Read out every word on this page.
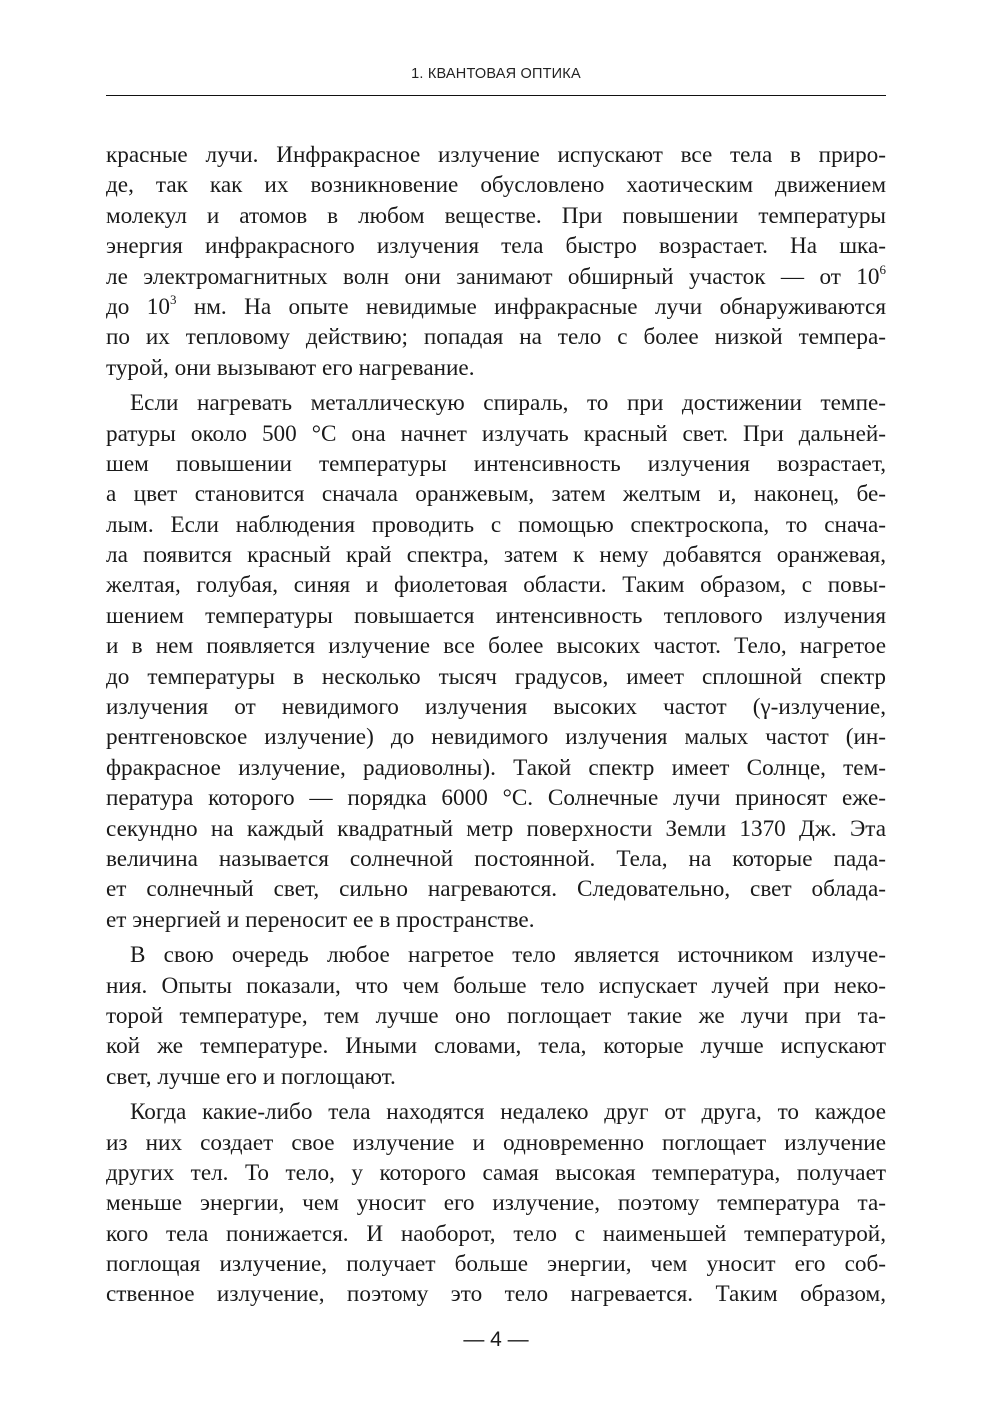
1. КВАНТОВАЯ ОПТИКА
красные лучи. Инфракрасное излучение испускают все тела в приро-
де, так как их возникновение обусловлено хаотическим движением
молекул и атомов в любом веществе. При повышении температуры
энергия инфракрасного излучения тела быстро возрастает. На шка-
ле электромагнитных волн они занимают обширный участок — от $10^6$
до $10^3$ нм. На опыте невидимые инфракрасные лучи обнаруживаются
по их тепловому действию; попадая на тело с более низкой темпера-
турой, они вызывают его нагревание.
Если нагревать металлическую спираль, то при достижении темпе-
ратуры около 500 °С она начнет излучать красный свет. При дальней-
шем повышении температуры интенсивность излучения возрастает,
а цвет становится сначала оранжевым, затем желтым и, наконец, бе-
лым. Если наблюдения проводить с помощью спектроскопа, то снача-
ла появится красный край спектра, затем к нему добавятся оранжевая,
желтая, голубая, синяя и фиолетовая области. Таким образом, с повы-
шением температуры повышается интенсивность теплового излучения
и в нем появляется излучение все более высоких частот. Тело, нагретое
до температуры в несколько тысяч градусов, имеет сплошной спектр
излучения от невидимого излучения высоких частот (γ-излучение,
рентгеновское излучение) до невидимого излучения малых частот (ин-
фракрасное излучение, радиоволны). Такой спектр имеет Солнце, тем-
пература которого — порядка 6000 °С. Солнечные лучи приносят еже-
секундно на каждый квадратный метр поверхности Земли 1370 Дж. Эта
величина называется солнечной постоянной. Тела, на которые пада-
ет солнечный свет, сильно нагреваются. Следовательно, свет облада-
ет энергией и переносит ее в пространстве.
В свою очередь любое нагретое тело является источником излуче-
ния. Опыты показали, что чем больше тело испускает лучей при неко-
торой температуре, тем лучше оно поглощает такие же лучи при та-
кой же температуре. Иными словами, тела, которые лучше испускают
свет, лучше его и поглощают.
Когда какие-либо тела находятся недалеко друг от друга, то каждое
из них создает свое излучение и одновременно поглощает излучение
других тел. То тело, у которого самая высокая температура, получает
меньше энергии, чем уносит его излучение, поэтому температура та-
кого тела понижается. И наоборот, тело с наименьшей температурой,
поглощая излучение, получает больше энергии, чем уносит его соб-
ственное излучение, поэтому это тело нагревается. Таким образом,
— 4 —
